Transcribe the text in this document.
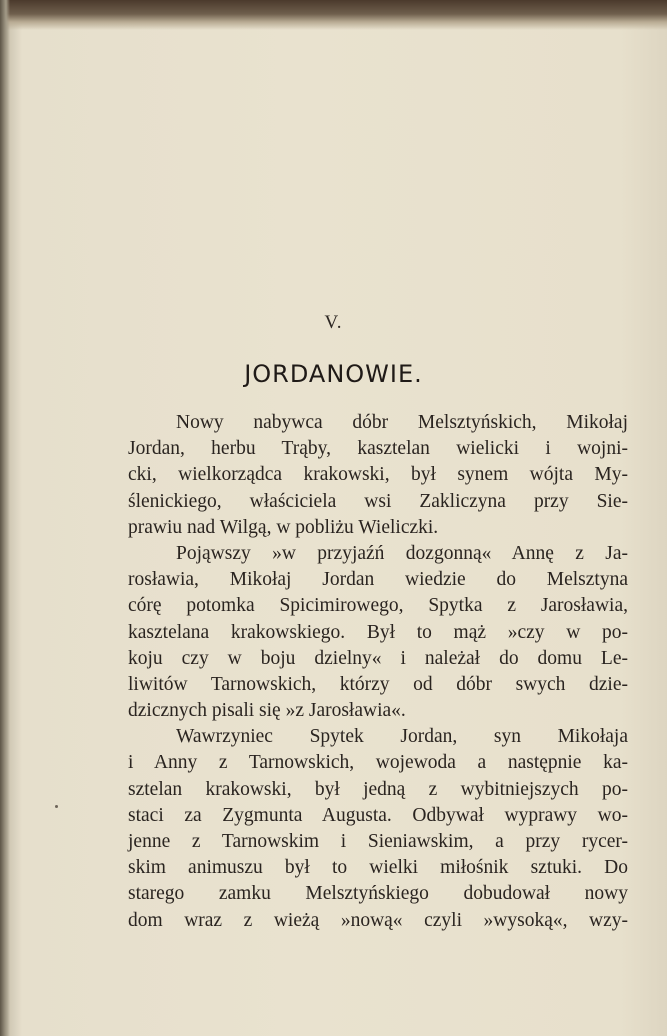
V.
JORDANOWIE.
Nowy nabywca dóbr Melsztyńskich, Mikołaj
Jordan, herbu Trąby, kasztelan wielicki i wojni-
cki, wielkorządca krakowski, był synem wójta My-
ślenickiego, właściciela wsi Zakliczyna przy Sie-
prawiu nad Wilgą, w pobliżu Wieliczki.
Pojąwszy »w przyjaźń dozgonną« Annę z Ja-
rosławia, Mikołaj Jordan wiedzie do Melsztyna
córę potomka Spicimirowego, Spytka z Jarosławia,
kasztelana krakowskiego. Był to mąż »czy w po-
koju czy w boju dzielny« i należał do domu Le-
liwitów Tarnowskich, którzy od dóbr swych dzie-
dzicznych pisali się »z Jarosławia«.
Wawrzyniec Spytek Jordan, syn Mikołaja
i Anny z Tarnowskich, wojewoda a następnie ka-
sztelan krakowski, był jedną z wybitniejszych po-
staci za Zygmunta Augusta. Odbywał wyprawy wo-
jenne z Tarnowskim i Sieniawskim, a przy rycer-
skim animuszu był to wielki miłośnik sztuki. Do
starego zamku Melsztyńskiego dobudował nowy
dom wraz z wieżą »nową« czyli »wysoką«, wzy-
